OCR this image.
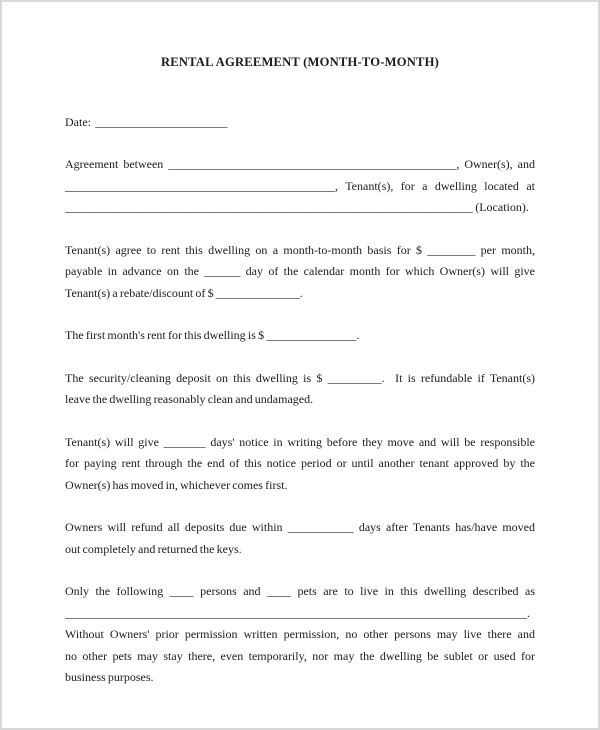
RENTAL AGREEMENT (MONTH-TO-MONTH)
Date:  ______________________
Agreement between ________________________________________________, Owner(s), and
_____________________________________________, Tenant(s), for a dwelling located at
____________________________________________________________________ (Location).
Tenant(s) agree to rent this dwelling on a month-to-month basis for $ ________ per month,
payable in advance on the ______ day of the calendar month for which Owner(s) will give
Tenant(s) a rebate/discount of $ ______________.
The first month's rent for this dwelling is $ _______________.
The security/cleaning deposit on this dwelling is $ _________.  It is refundable if Tenant(s)
leave the dwelling reasonably clean and undamaged.
Tenant(s) will give _______ days' notice in writing before they move and will be responsible
for paying rent through the end of this notice period or until another tenant approved by the
Owner(s) has moved in, whichever comes first.
Owners will refund all deposits due within ___________ days after Tenants has/have moved
out completely and returned the keys.
Only the following ____ persons and ____ pets are to live in this dwelling described as
_____________________________________________________________________________.
Without Owners' prior permission written permission, no other persons may live there and
no other pets may stay there, even temporarily, nor may the dwelling be sublet or used for
business purposes.
